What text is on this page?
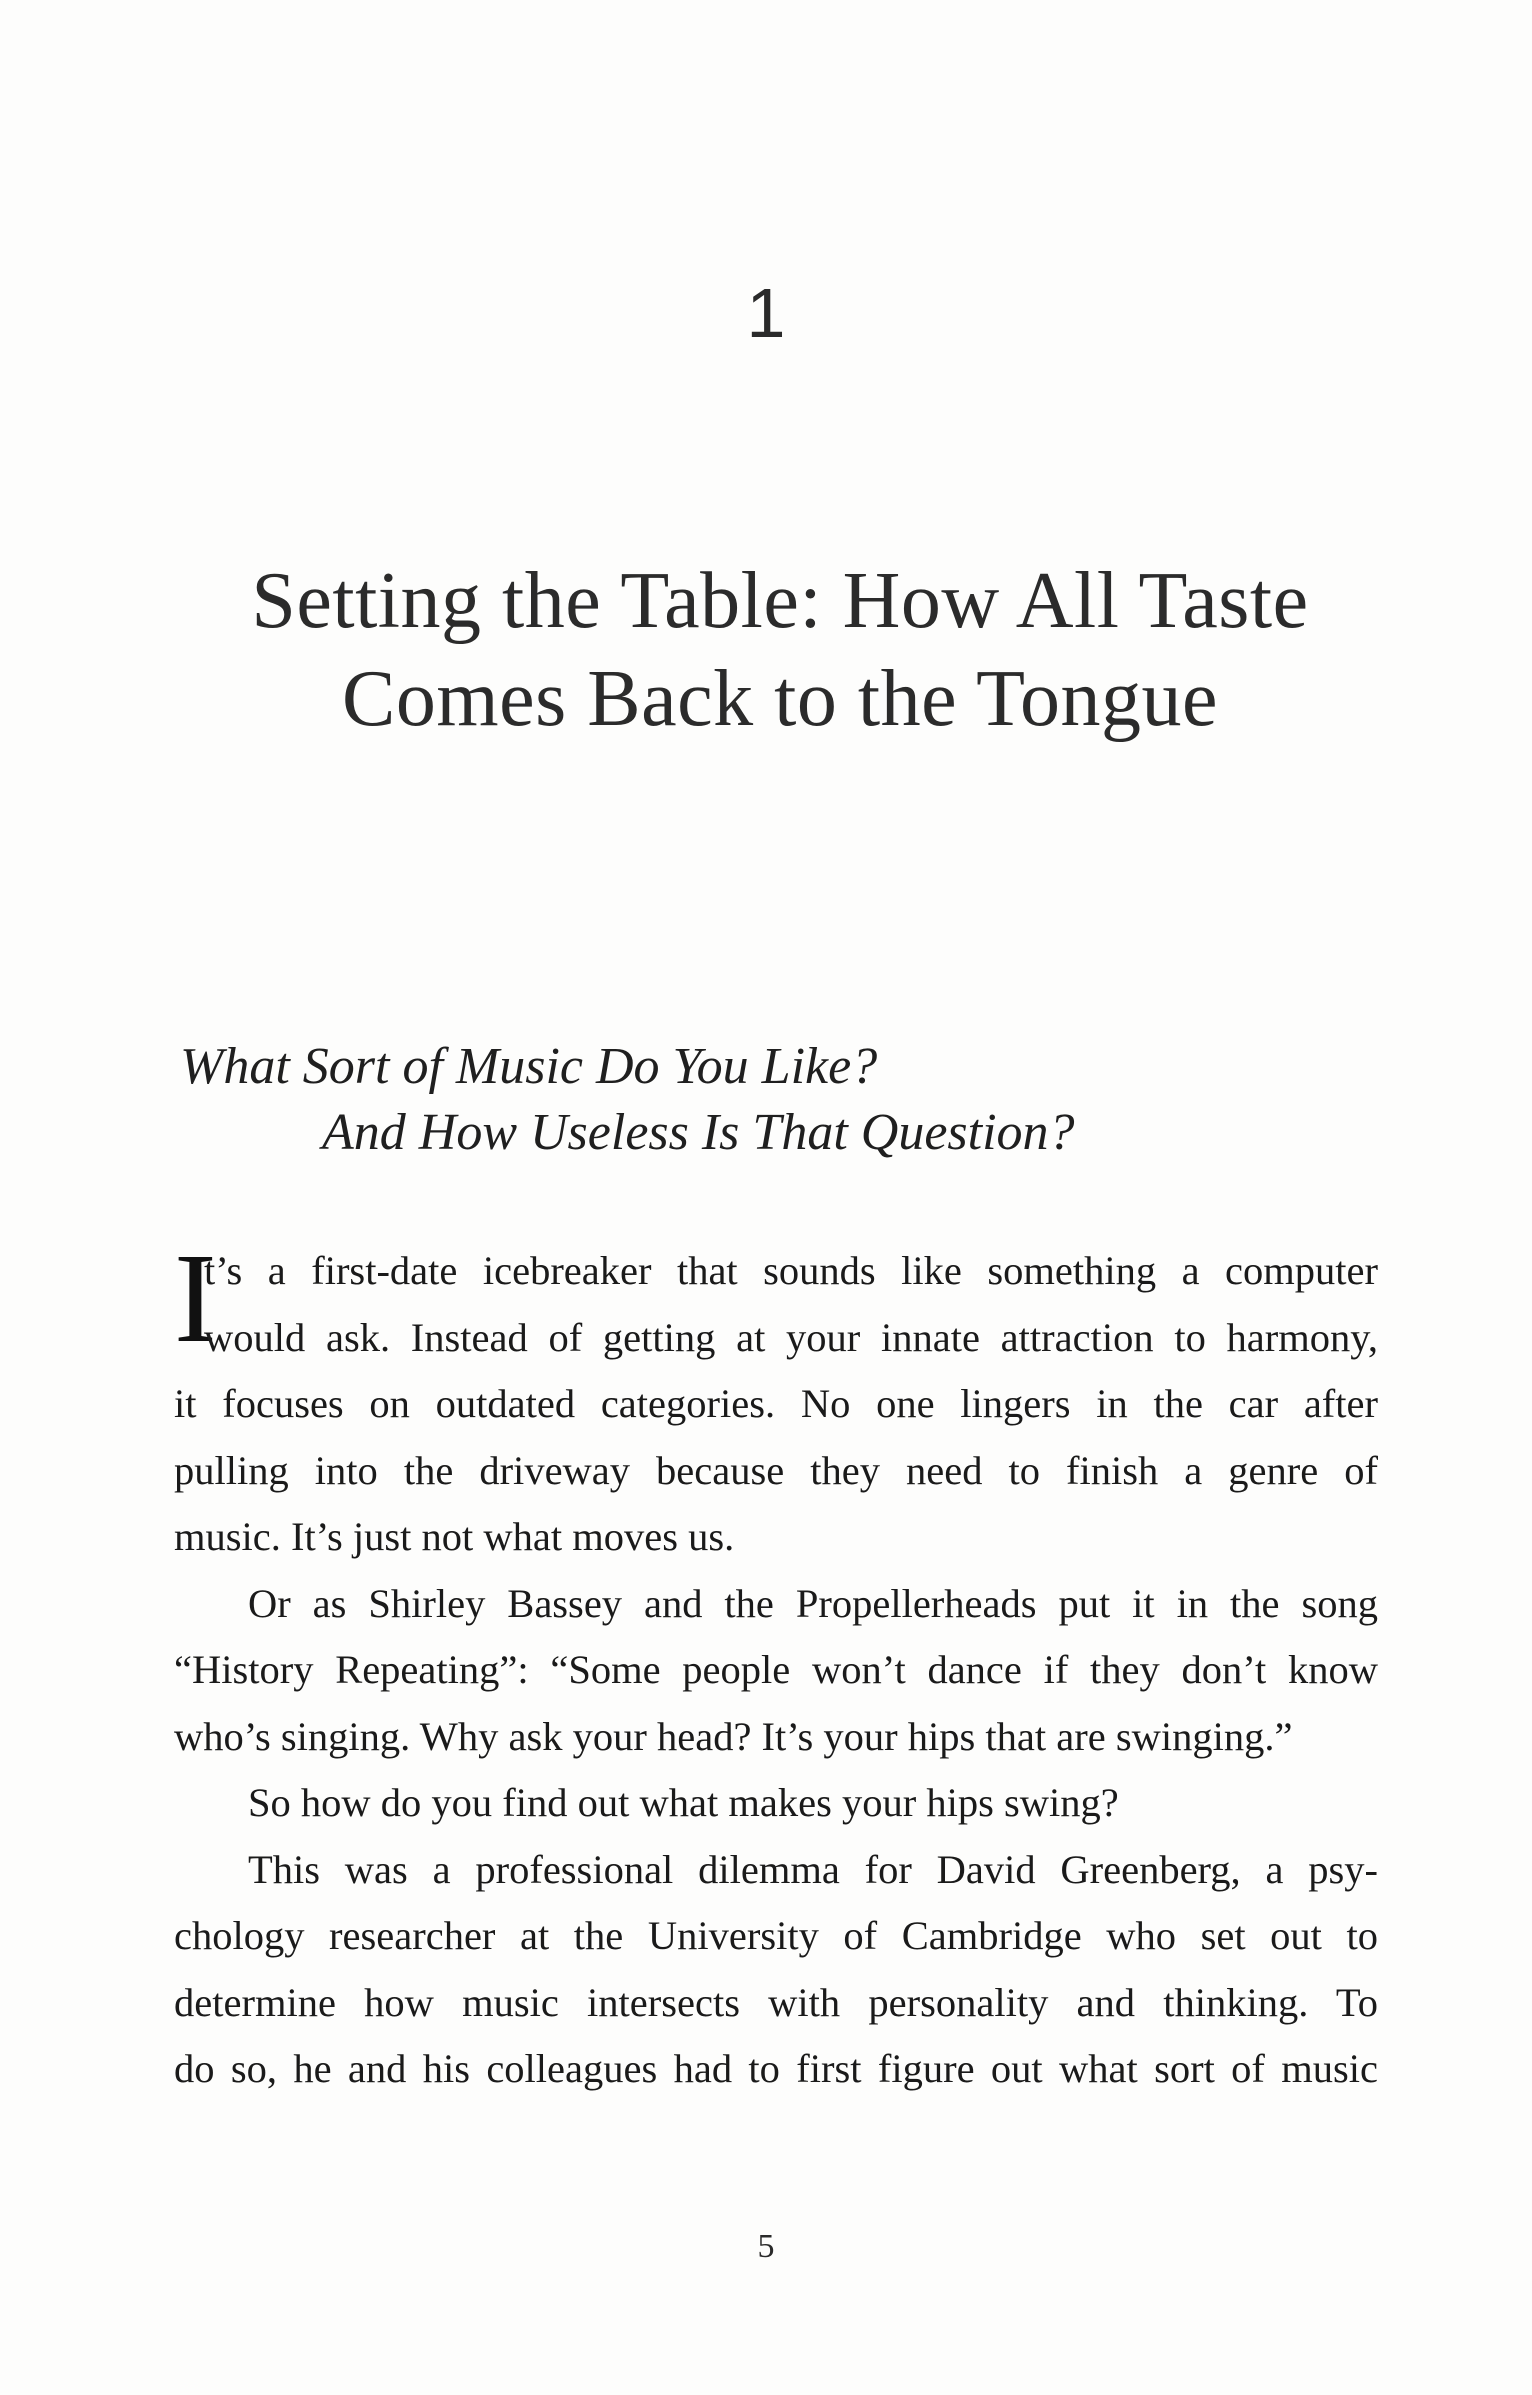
1
Setting the Table: How All Taste
Comes Back to the Tongue
What Sort of Music Do You Like?
And How Useless Is That Question?
I
t’s a first-date icebreaker that sounds like something a computer
would ask. Instead of getting at your innate attraction to harmony,
it focuses on outdated categories. No one lingers in the car after
pulling into the driveway because they need to finish a genre of
music. It’s just not what moves us.
Or as Shirley Bassey and the Propellerheads put it in the song
“History Repeating”: “Some people won’t dance if they don’t know
who’s singing. Why ask your head? It’s your hips that are swinging.”
So how do you find out what makes your hips swing?
This was a professional dilemma for David Greenberg, a psy-
chology researcher at the University of Cambridge who set out to
determine how music intersects with personality and thinking. To
do so, he and his colleagues had to first figure out what sort of music
5
